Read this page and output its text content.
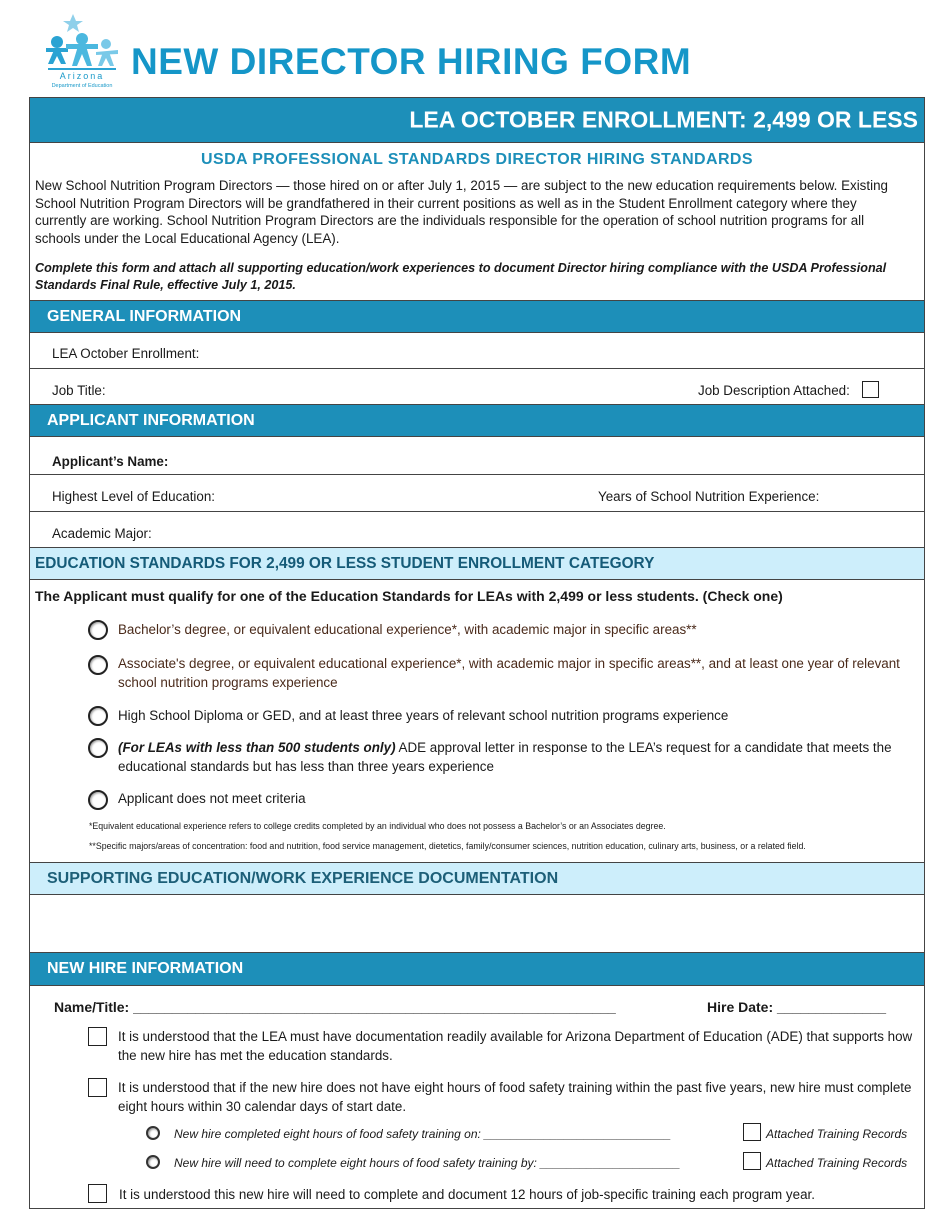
Arizona
Department of Education
NEW DIRECTOR HIRING FORM
LEA OCTOBER ENROLLMENT: 2,499 OR LESS
USDA PROFESSIONAL STANDARDS DIRECTOR HIRING STANDARDS
New School Nutrition Program Directors — those hired on or after July 1, 2015 — are subject to the new education requirements below. Existing School Nutrition Program Directors will be grandfathered in their current positions as well as in the Student Enrollment category where they currently are working. School Nutrition Program Directors are the individuals responsible for the operation of school nutrition programs for all schools under the Local Educational Agency (LEA).
Complete this form and attach all supporting education/work experiences to document Director hiring compliance with the USDA Professional Standards Final Rule, effective July 1, 2015.
GENERAL INFORMATION
LEA October Enrollment:
Job Title:	Job Description Attached:
APPLICANT INFORMATION
Applicant’s Name:
Highest Level of Education:	Years of School Nutrition Experience:
Academic Major:
EDUCATION STANDARDS FOR 2,499 OR LESS STUDENT ENROLLMENT CATEGORY
The Applicant must qualify for one of the Education Standards for LEAs with 2,499 or less students. (Check one)
Bachelor’s degree, or equivalent educational experience*, with academic major in specific areas**
Associate's degree, or equivalent educational experience*, with academic major in specific areas**, and at least one year of relevant school nutrition programs experience
High School Diploma or GED, and at least three years of relevant school nutrition programs experience
(For LEAs with less than 500 students only) ADE approval letter in response to the LEA’s request for a candidate that meets the educational standards but has less than three years experience
Applicant does not meet criteria
*Equivalent educational experience refers to college credits completed by an individual who does not possess a Bachelor’s or an Associates degree.
**Specific majors/areas of concentration: food and nutrition, food service management, dietetics, family/consumer sciences, nutrition education, culinary arts, business, or a related field.
SUPPORTING EDUCATION/WORK EXPERIENCE DOCUMENTATION
NEW HIRE INFORMATION
Name/Title: ______________________________________________________________	Hire Date: ______________
It is understood that the LEA must have documentation readily available for Arizona Department of Education (ADE) that supports how the new hire has met the education standards.
It is understood that if the new hire does not have eight hours of food safety training within the past five years, new hire must complete eight hours within 30 calendar days of start date.
New hire completed eight hours of food safety training on: ____________________________	Attached Training Records
New hire will need to complete eight hours of food safety training by: _____________________	Attached Training Records
It is understood this new hire will need to complete and document 12 hours of job-specific training each program year.
